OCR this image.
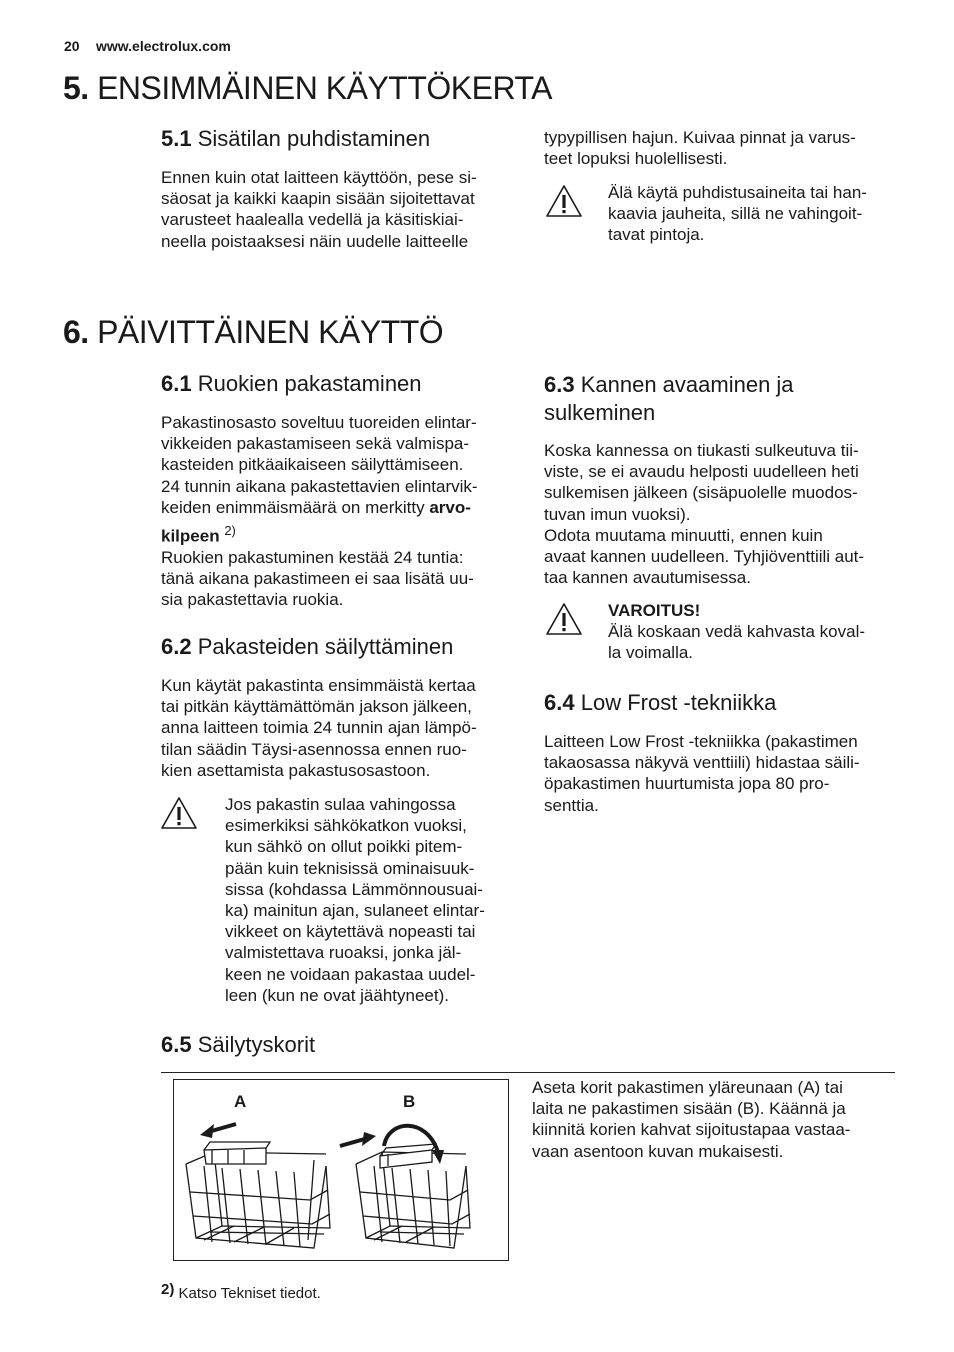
20 www.electrolux.com
5. ENSIMMÄINEN KÄYTTÖKERTA
5.1 Sisätilan puhdistaminen

Ennen kuin otat laitteen käyttöön, pese si-

säosat ja kaikki kaapin sisään sijoitettavat

varusteet haalealla vedellä ja käsitiskiai-

neella poistaaksesi näin uudelle laitteelle

typypillisen hajun. Kuivaa pinnat ja varus-

teet lopuksi huolellisesti.

Älä käytä puhdistusaineita tai han-

kaavia jauheita, sillä ne vahingoit-

tavat pintoja.

6. PÄIVITTÄINEN KÄYTTÖ
6.1 Ruokien pakastaminen

Pakastinosasto soveltuu tuoreiden elintar-

vikkeiden pakastamiseen sekä valmispa-

kasteiden pitkäaikaiseen säilyttämiseen.

24 tunnin aikana pakastettavien elintarvik-

keiden enimmäismäärä on merkitty arvo-

kilpeen $^{2)}$

Ruokien pakastuminen kestää 24 tuntia:

tänä aikana pakastimeen ei saa lisätä uu-

sia pakastettavia ruokia.

6.2 Pakasteiden säilyttäminen

Kun käytät pakastinta ensimmäistä kertaa

tai pitkän käyttämättömän jakson jälkeen,

anna laitteen toimia 24 tunnin ajan lämpö-

tilan säädin Täysi-asennossa ennen ruo-

kien asettamista pakastusosastoon.

Jos pakastin sulaa vahingossa

esimerkiksi sähkökatkon vuoksi,

kun sähkö on ollut poikki pitem-

pään kuin teknisissä ominaisuuk-

sissa (kohdassa Lämmönnousuai-

ka) mainitun ajan, sulaneet elintar-

vikkeet on käytettävä nopeasti tai

valmistettava ruoaksi, jonka jäl-

keen ne voidaan pakastaa uudel-

leen (kun ne ovat jäähtyneet).

6.3 Kannen avaaminen ja
sulkeminen

Koska kannessa on tiukasti sulkeutuva tii-

viste, se ei avaudu helposti uudelleen heti

sulkemisen jälkeen (sisäpuolelle muodos-

tuvan imun vuoksi).

Odota muutama minuutti, ennen kuin

avaat kannen uudelleen. Tyhjiöventtiili aut-

taa kannen avautumisessa.

VAROITUS!

Älä koskaan vedä kahvasta koval-

la voimalla.

6.4 Low Frost -tekniikka

Laitteen Low Frost -tekniikka (pakastimen

takaosassa näkyvä venttiili) hidastaa säili-

öpakastimen huurtumista jopa 80 pro-

senttia.

6.5 Säilytyskorit
A	B

Aseta korit pakastimen yläreunaan (A) tai

laita ne pakastimen sisään (B). Käännä ja

kiinnitä korien kahvat sijoitustapaa vastaa-

vaan asentoon kuvan mukaisesti.

2) Katso Tekniset tiedot.
